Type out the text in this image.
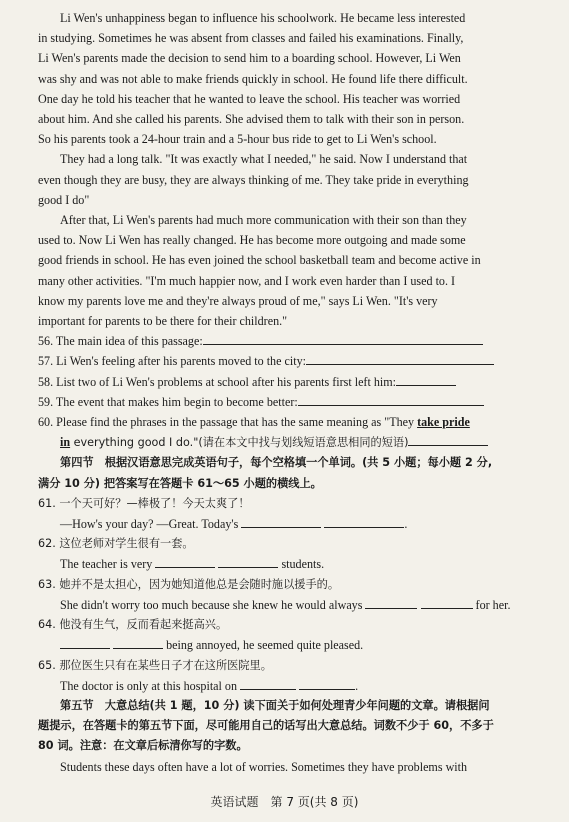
Li Wen's unhappiness began to influence his schoolwork. He became less interested

in studying. Sometimes he was absent from classes and failed his examinations. Finally,

Li Wen's parents made the decision to send him to a boarding school. However, Li Wen

was shy and was not able to make friends quickly in school. He found life there difficult.

One day he told his teacher that he wanted to leave the school. His teacher was worried

about him. And she called his parents. She advised them to talk with their son in person.

So his parents took a 24-hour train and a 5-hour bus ride to get to Li Wen's school.

They had a long talk. "It was exactly what I needed," he said. Now I understand that

even though they are busy, they are always thinking of me. They take pride in everything

good I do"

After that, Li Wen's parents had much more communication with their son than they

used to. Now Li Wen has really changed. He has become more outgoing and made some

good friends in school. He has even joined the school basketball team and become active in

many other activities. "I'm much happier now, and I work even harder than I used to. I

know my parents love me and they're always proud of me," says Li Wen. "It's very

important for parents to be there for their children."

56. The main idea of this passage:
57. Li Wen's feeling after his parents moved to the city:
58. List two of Li Wen's problems at school after his parents first left him:
59. The event that makes him begin to become better:

60. Please find the phrases in the passage that has the same meaning as "They take pride

in everything good I do."(请在本文中找与划线短语意思相同的短语)

第四节　根据汉语意思完成英语句子，每个空格填一个单词。(共 5 小题；每小题 2 分,

满分 10 分) 把答案写在答题卡 61～65 小题的横线上。

61. 一个天可好？—棒极了！今天太爽了！

—How's your day? —Great. Today's	.

62. 这位老师对学生很有一套。

The teacher is very	students.

63. 她并不是太担心，因为她知道他总是会随时施以援手的。

She didn't worry too much because she knew he would always	for her.

64. 他没有生气，反而看起来挺高兴。

being annoyed, he seemed quite pleased.

65. 那位医生只有在某些日子才在这所医院里。

The doctor is only at this hospital on	.

第五节　大意总结(共 1 题，10 分) 读下面关于如何处理青少年问题的文章。请根据问

题提示，在答题卡的第五节下面，尽可能用自己的话写出大意总结。词数不少于 60，不多于

80 词。注意：在文章后标清你写的字数。

Students these days often have a lot of worries. Sometimes they have problems with

英语试题　第 7 页(共 8 页)
